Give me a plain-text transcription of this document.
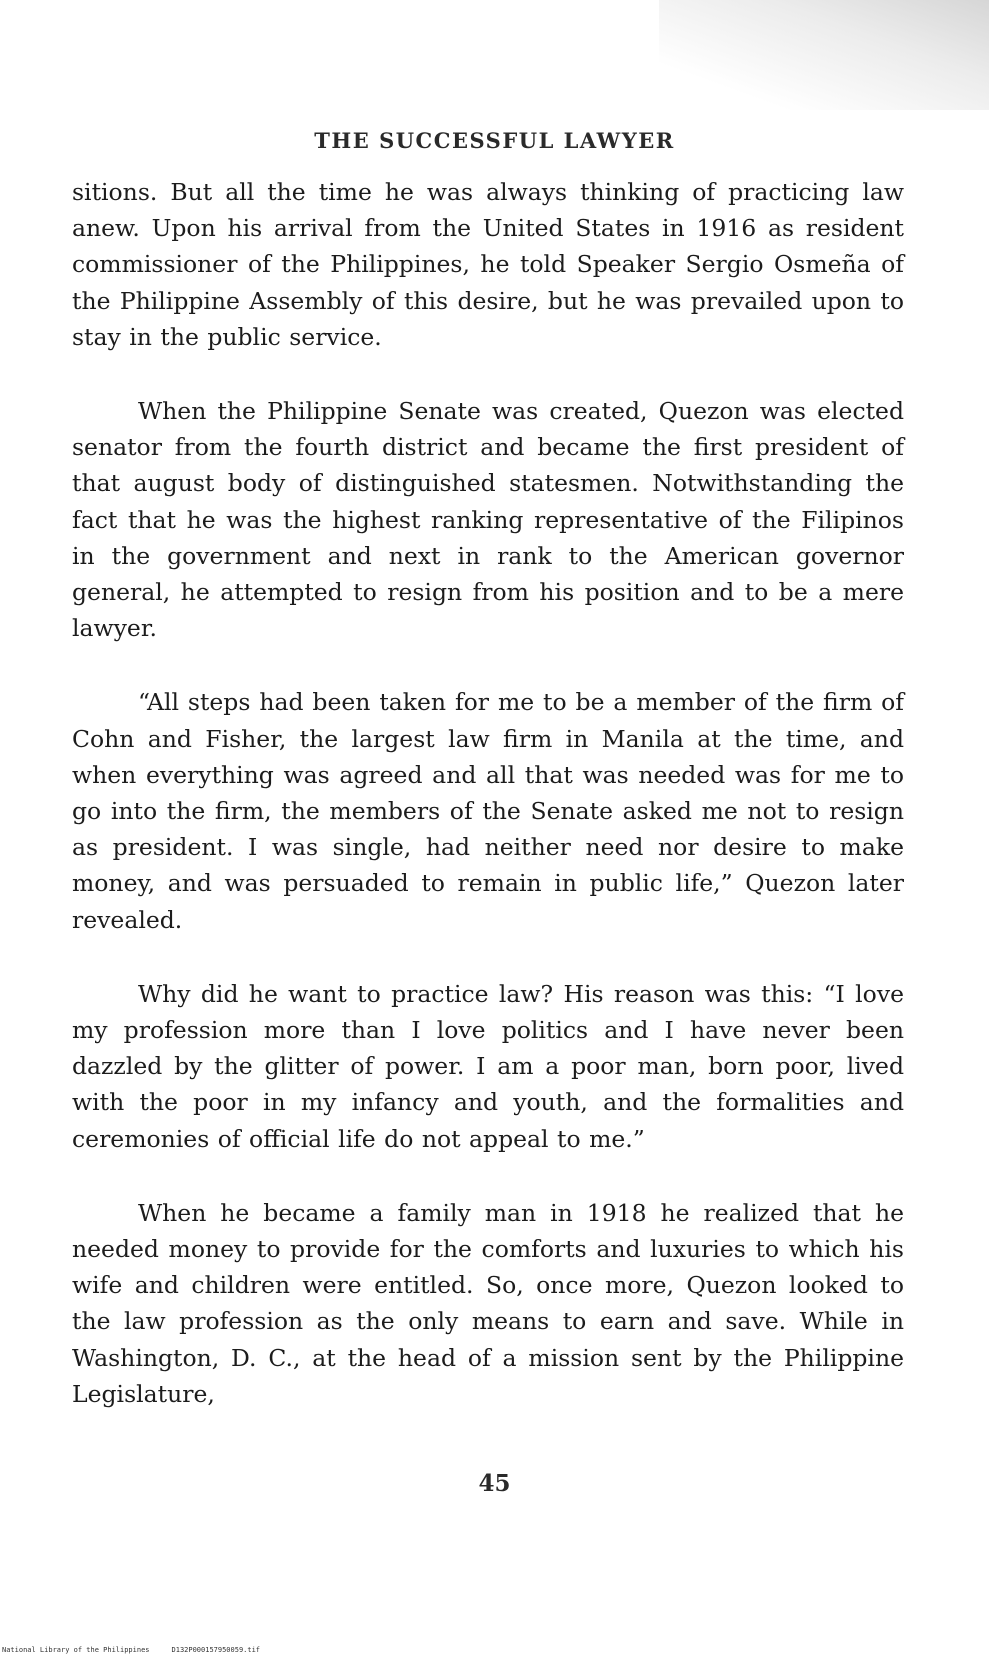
THE SUCCESSFUL LAWYER

sitions. But all the time he was always thinking of practicing law anew. Upon his arrival from the United States in 1916 as resident commissioner of the Philippines, he told Speaker Sergio Osmeña of the Philippine Assembly of this desire, but he was prevailed upon to stay in the public service.

When the Philippine Senate was created, Quezon was elected senator from the fourth district and became the first president of that august body of distinguished statesmen. Notwithstanding the fact that he was the highest ranking representative of the Filipinos in the government and next in rank to the American governor general, he attempted to resign from his position and to be a mere lawyer.

“All steps had been taken for me to be a member of the firm of Cohn and Fisher, the largest law firm in Manila at the time, and when everything was agreed and all that was needed was for me to go into the firm, the members of the Senate asked me not to resign as president. I was single, had neither need nor desire to make money, and was persuaded to remain in public life,” Quezon later revealed.

Why did he want to practice law? His reason was this: “I love my profession more than I love politics and I have never been dazzled by the glitter of power. I am a poor man, born poor, lived with the poor in my infancy and youth, and the formalities and ceremonies of official life do not appeal to me.”

When he became a family man in 1918 he realized that he needed money to provide for the comforts and luxuries to which his wife and children were entitled. So, once more, Quezon looked to the law profession as the only means to earn and save. While in Washington, D. C., at the head of a mission sent by the Philippine Legislature,

45
National Library of the Philippines	D132P000157950059.tif
